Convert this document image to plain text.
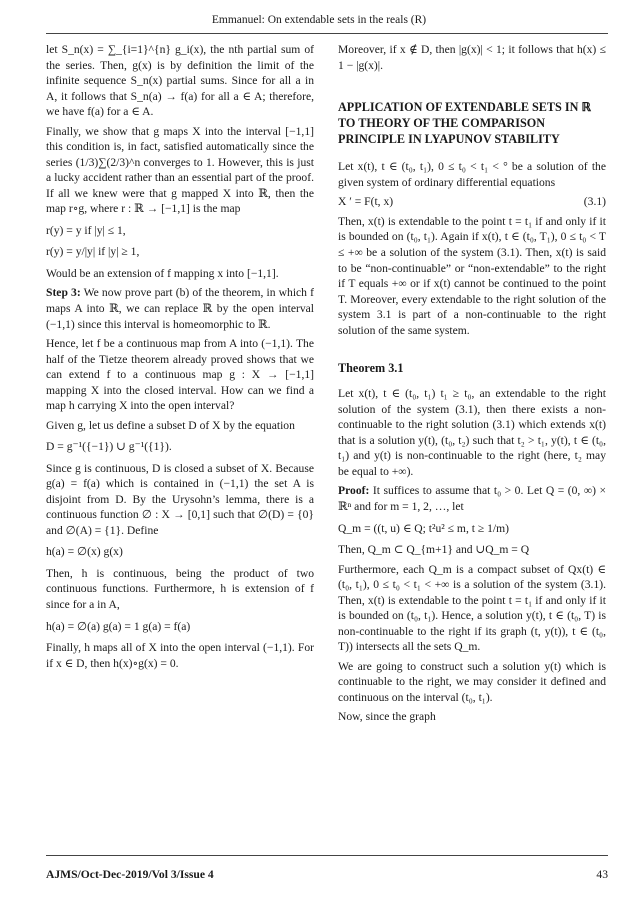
Emmanuel: On extendable sets in the reals (R)

let S_n(x) = ∑_{i=1}^{n} g_i(x), the nth partial sum of the series. Then, g(x) is by definition the limit of the infinite sequence S_n(x) partial sums. Since for all a in A, it follows that S_n(a) → f(a) for all a ∈ A; therefore, we have f(a) for a ∈ A.

Finally, we show that g maps X into the interval [−1,1] this condition is, in fact, satisfied automatically since the series (1/3)∑(2/3)^n converges to 1. However, this is just a lucky accident rather than an essential part of the proof. If all we knew were that g mapped X into ℝ, then the map r∘g, where r : ℝ → [−1,1] is the map

r(y) = y if |y| ≤ 1,
r(y) = y/|y| if |y| ≥ 1,

Would be an extension of f mapping x into [−1,1].

Step 3: We now prove part (b) of the theorem, in which f maps A into ℝ, we can replace ℝ by the open interval (−1,1) since this interval is homeomorphic to ℝ.

Hence, let f be a continuous map from A into (−1,1). The half of the Tietze theorem already proved shows that we can extend f to a continuous map g : X → [−1,1] mapping X into the closed interval. How can we find a map h carrying X into the open interval?

Given g, let us define a subset D of X by the equation

D = g⁻¹({−1}) ∪ g⁻¹({1}).

Since g is continuous, D is closed a subset of X. Because g(a) = f(a) which is contained in (−1,1) the set A is disjoint from D. By the Urysohn’s lemma, there is a continuous function ∅ : X → [0,1] such that ∅(D) = {0} and ∅(A) = {1}. Define

h(a) = ∅(x) g(x)

Then, h is continuous, being the product of two continuous functions. Furthermore, h is extension of f since for a in A,

h(a) = ∅(a) g(a) = 1 g(a) = f(a)

Finally, h maps all of X into the open interval (−1,1). For if x ∈ D, then h(x)∘g(x) = 0.

Moreover, if x ∉ D, then |g(x)| < 1; it follows that h(x) ≤ 1 − |g(x)|.

APPLICATION OF EXTENDABLE SETS IN ℝ TO THEORY OF THE COMPARISON PRINCIPLE IN LYAPUNOV STABILITY

Let x(t), t ∈ (t₀, t₁), 0 ≤ t₀ < t₁ < ° be a solution of the given system of ordinary differential equations

X ′ = F(t, x)	(3.1)

Then, x(t) is extendable to the point t = t₁ if and only if it is bounded on (t₀, t₁). Again if x(t), t ∈ (t₀, T₁), 0 ≤ t₀ < T ≤ +∞ be a solution of the system (3.1). Then, x(t) is said to be “non-continuable” or “non-extendable” to the right if T equals +∞ or if x(t) cannot be continued to the point T. Moreover, every extendable to the right solution of the system 3.1 is part of a non-continuable to the right solution of the same system.

Theorem 3.1

Let x(t), t ∈ (t₀, t₁) t₁ ≥ t₀, an extendable to the right solution of the system (3.1), then there exists a non-continuable to the right solution (3.1) which extends x(t) that is a solution y(t), (t₀, t₂) such that t₂ > t₁, y(t), t ∈ (t₀, t₁) and y(t) is non-continuable to the right (here, t₂ may be equal to +∞).

Proof: It suffices to assume that t₀ > 0. Let Q = (0, ∞) × ℝⁿ and for m = 1, 2, …, let

Q_m = ((t, u) ∈ Q; t²u² ≤ m, t ≥ 1/m)

Then, Q_m ⊂ Q_{m+1} and ∪Q_m = Q

Furthermore, each Q_m is a compact subset of Qx(t) ∈ (t₀, t₁), 0 ≤ t₀ < t₁ < +∞ is a solution of the system (3.1). Then, x(t) is extendable to the point t = t₁ if and only if it is bounded on (t₀, t₁). Hence, a solution y(t), t ∈ (t₀, T) is non-continuable to the right if its graph (t, y(t)), t ∈ (t₀, T)) intersects all the sets Q_m.

We are going to construct such a solution y(t) which is continuable to the right, we may consider it defined and continuous on the interval (t₀, t₁).

Now, since the graph

AJMS/Oct-Dec-2019/Vol 3/Issue 4	43
